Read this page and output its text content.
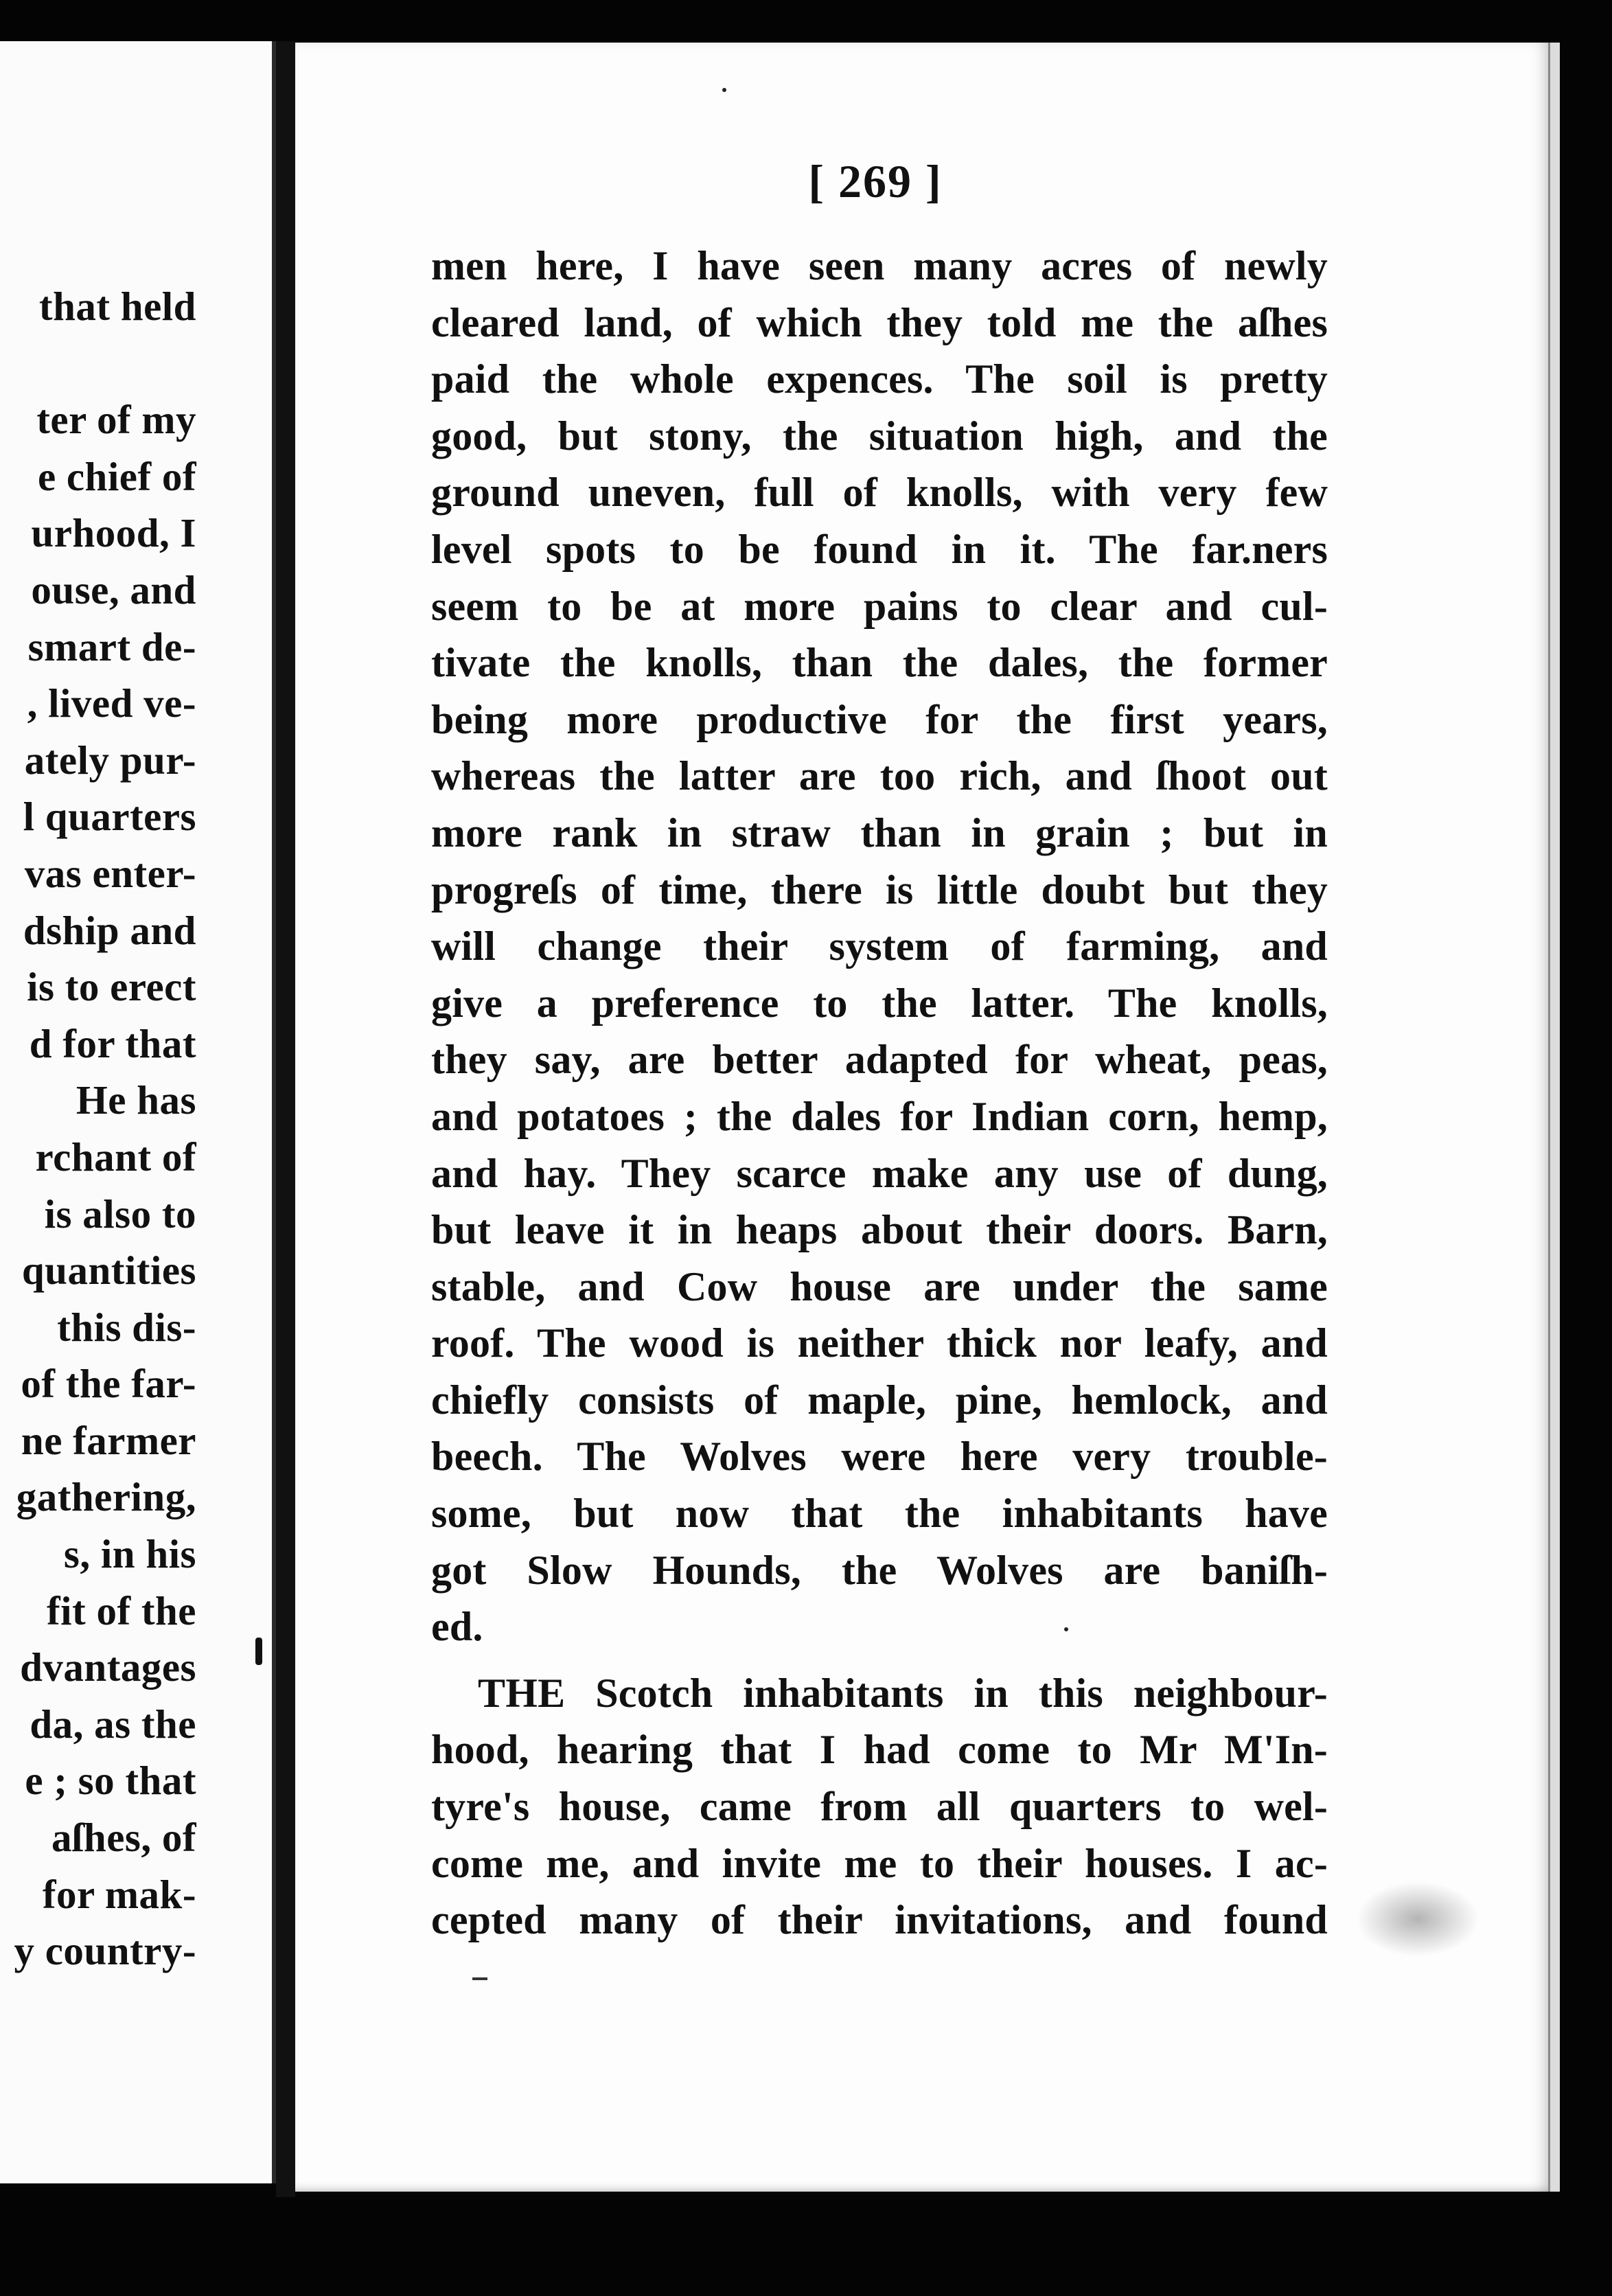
that held

ter of my
e chief of
urhood, I
ouse, and
smart de-
, lived ve-
ately pur-
l quarters
vas enter-
dship and
is to erect
d for that
He has
rchant of
is also to
quantities
this dis-
of the far-
ne farmer
gathering,
s, in his
fit of the
dvantages
da, as the
e ; so that
aſhes, of
for mak-
y country-
[ 269 ]
men here, I have seen many acres of newly
cleared land, of which they told me the aſhes
paid the whole expences. The soil is pretty
good, but stony, the situation high, and the
ground uneven, full of knolls, with very few
level spots to be found in it. The far.ners
seem to be at more pains to clear and cul-
tivate the knolls, than the dales, the former
being more productive for the first years,
whereas the latter are too rich, and ſhoot out
more rank in straw than in grain ; but in
progreſs of time, there is little doubt but they
will change their system of farming, and
give a preference to the latter. The knolls,
they say, are better adapted for wheat, peas,
and potatoes ; the dales for Indian corn, hemp,
and hay. They scarce make any use of dung,
but leave it in heaps about their doors. Barn,
stable, and Cow house are under the same
roof. The wood is neither thick nor leafy, and
chiefly consists of maple, pine, hemlock, and
beech. The Wolves were here very trouble-
some, but now that the inhabitants have
got Slow Hounds, the Wolves are baniſh-
ed.
THE Scotch inhabitants in this neighbour-
hood, hearing that I had come to Mr M'In-
tyre's house, came from all quarters to wel-
come me, and invite me to their houses. I ac-
cepted many of their invitations, and found
